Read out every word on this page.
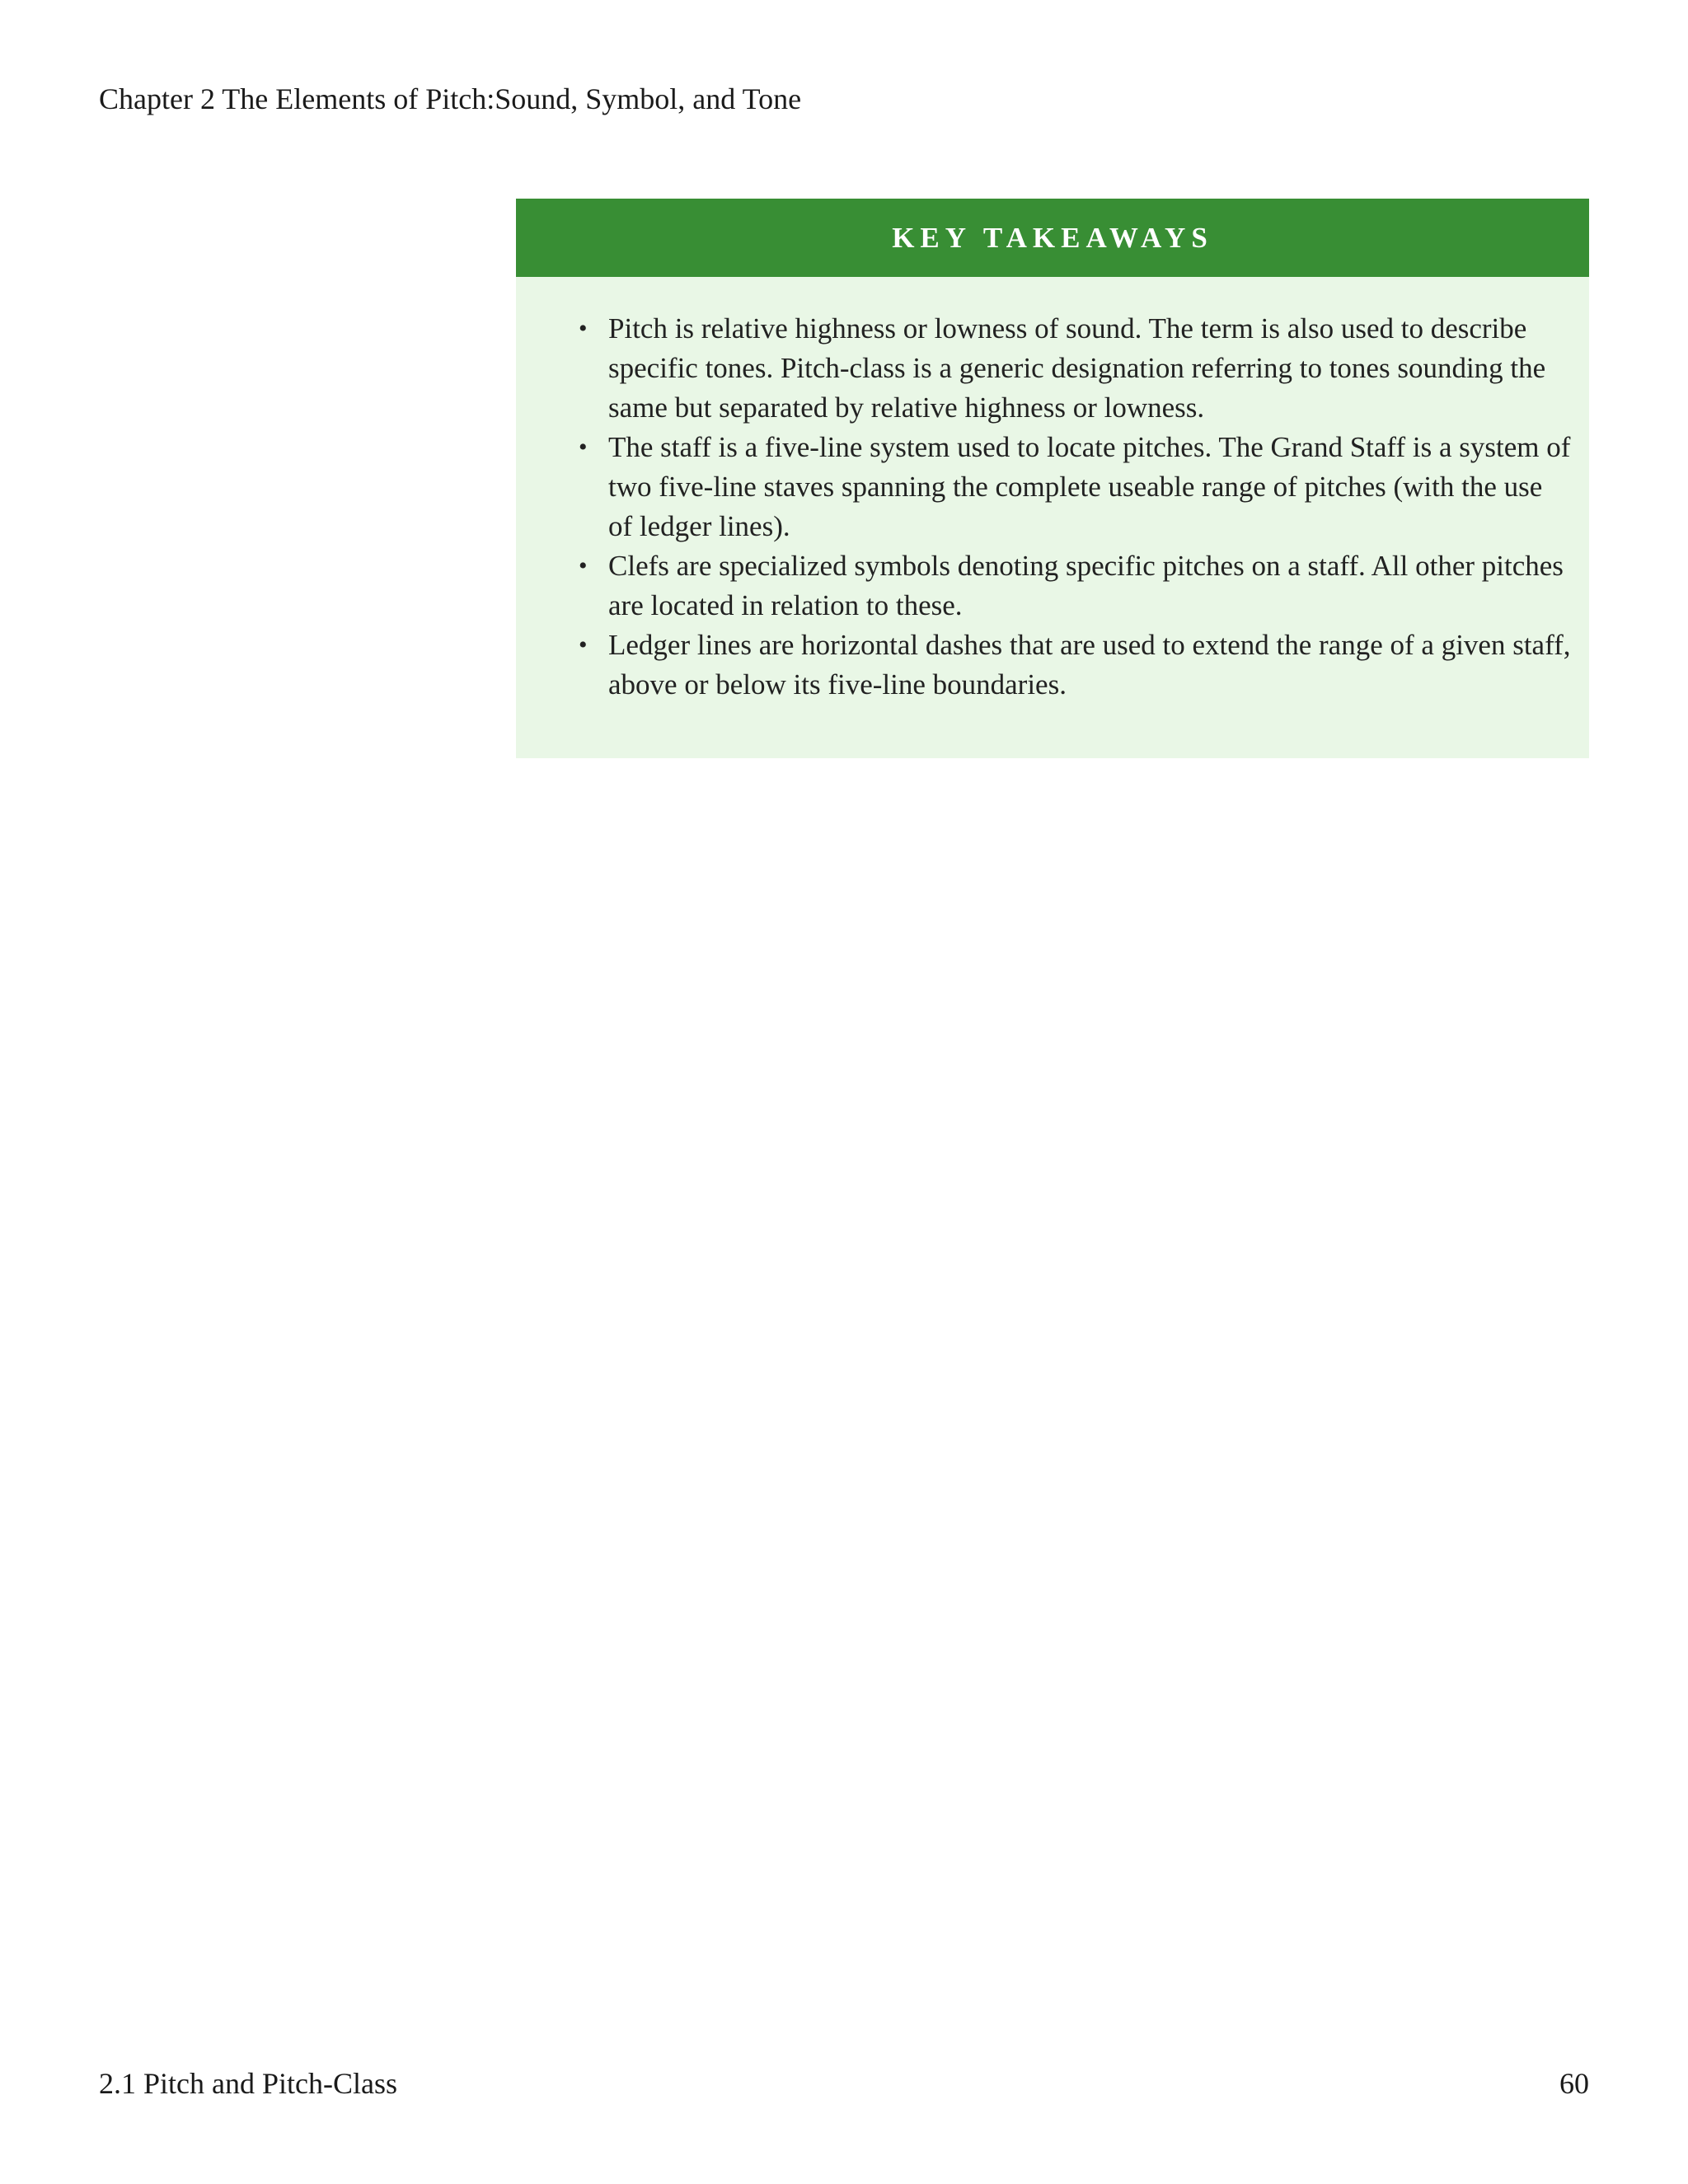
Chapter 2 The Elements of Pitch:Sound, Symbol, and Tone
KEY TAKEAWAYS
• Pitch is relative highness or lowness of sound. The term is also used to describe specific tones. Pitch-class is a generic designation referring to tones sounding the same but separated by relative highness or lowness.
• The staff is a five-line system used to locate pitches. The Grand Staff is a system of two five-line staves spanning the complete useable range of pitches (with the use of ledger lines).
• Clefs are specialized symbols denoting specific pitches on a staff. All other pitches are located in relation to these.
• Ledger lines are horizontal dashes that are used to extend the range of a given staff, above or below its five-line boundaries.
2.1 Pitch and Pitch-Class	60
